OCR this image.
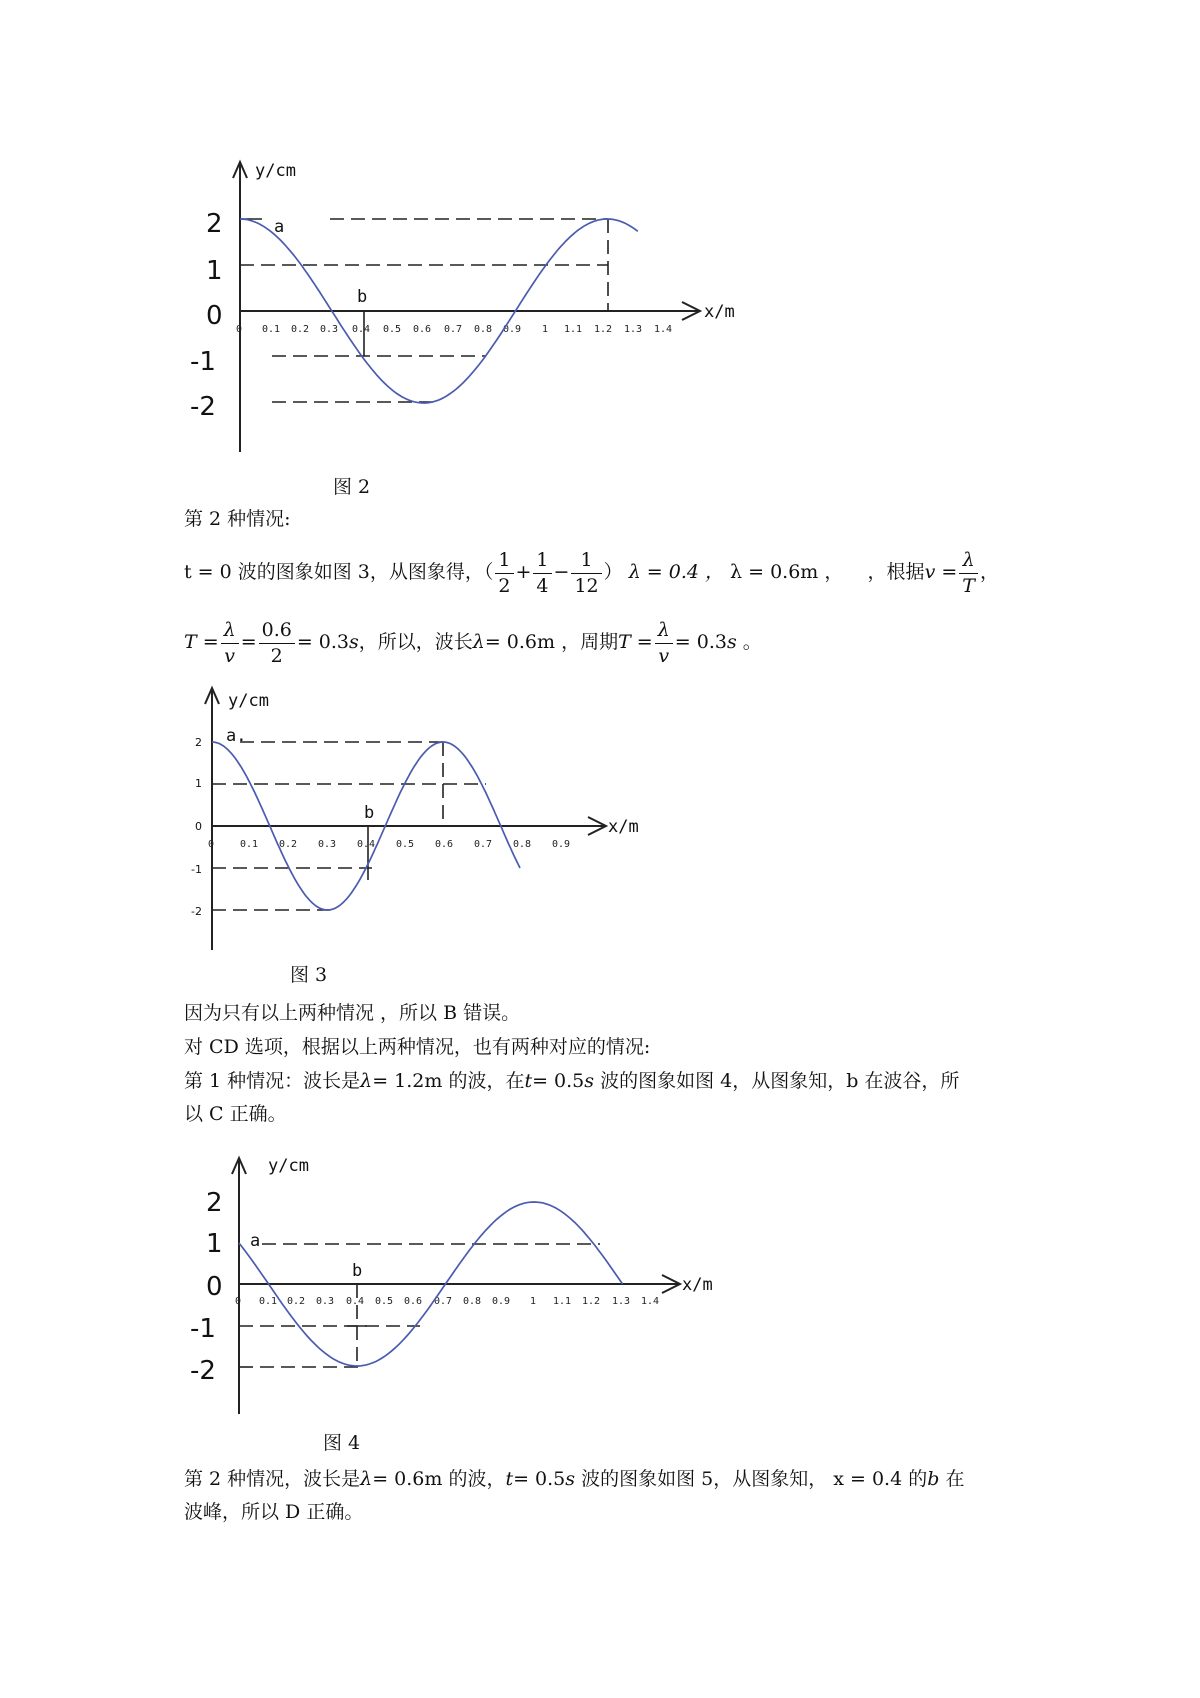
y/cm
x/m
2
1
0
-1
-2
0 0.1 0.2 0.3 0.4 0.5 0.6 0.7 0.8 0.9 1 1.1 1.2 1.3 1.4
a
b
图 2
第 2 种情况:
t = 0 波的图象如图 3，从图象得，（ $\frac{1}{2} + \frac{1}{4} - \frac{1}{12}$ ） λ = 0.4 ， λ = 0.6m ， ，根据$v = \frac{\lambda}{T}$ ，
$T = \frac{\lambda}{v} = \frac{0.6}{2} = 0.3s$，所以，波长λ= 0.6m ，周期$T = \frac{\lambda}{v} = 0.3s$ 。
y/cm
x/m
2
1
0
-1
-2
0	0.1 0.2 0.3 0.4 0.5 0.6 0.7 0.8 0.9
a.
b
图 3
因为只有以上两种情况 ，所以 B 错误。
对 CD 选项，根据以上两种情况，也有两种对应的情况:
第 1 种情况：波长是λ= 1.2m 的波，在t= 0.5s 波的图象如图 4，从图象知，b 在波谷，所
以 C 正确。
y/cm
x/m
2
1
0
-1
-2
0 0.1 0.2 0.3 0.4 0.5 0.6 0.7 0.8 0.9 1 1.1 1.2 1.3 1.4
a
b
图 4
第 2 种情况，波长是λ= 0.6m 的波，t= 0.5s 波的图象如图 5，从图象知， x = 0.4 的b 在
波峰，所以 D 正确。
